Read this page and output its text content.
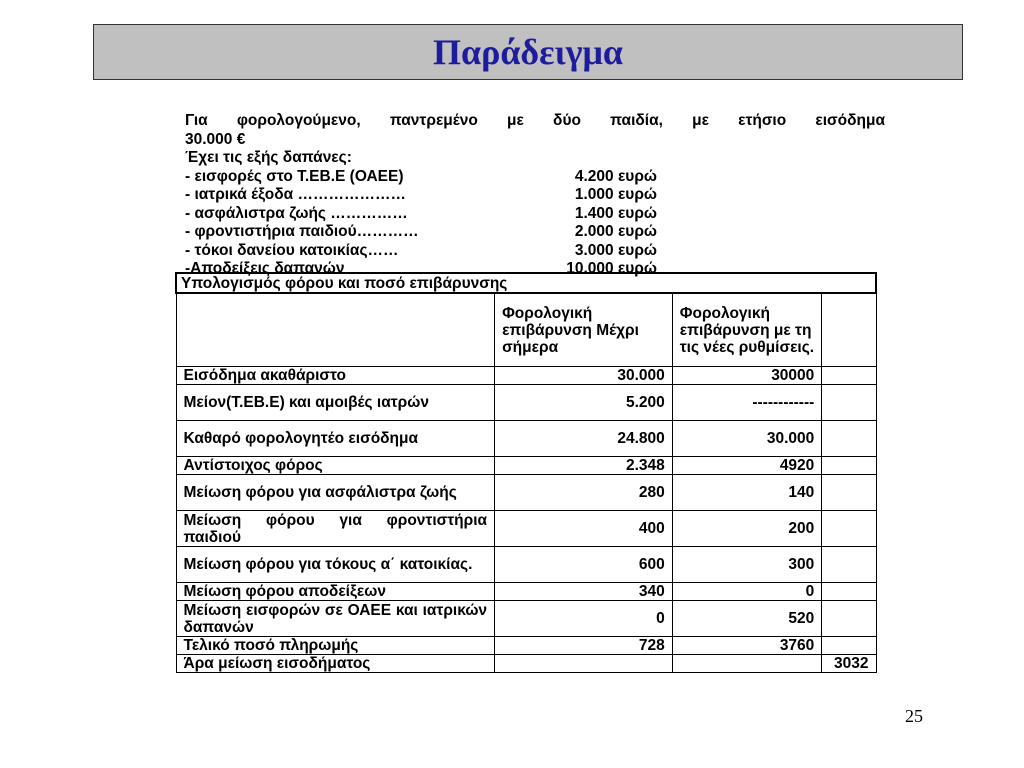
Παράδειγμα
Για φορολογούμενο, παντρεμένο με δύο παιδία, με ετήσιο εισόδημα
30.000 €
Έχει τις εξής δαπάνες:
- εισφορές στο Τ.ΕΒ.Ε (ΟΑΕΕ)	4.200 ευρώ
- ιατρικά έξοδα …………………	1.000 ευρώ
- ασφάλιστρα ζωής ……………	1.400 ευρώ
- φροντιστήρια παιδιού…………	2.000 ευρώ
- τόκοι δανείου κατοικίας……	3.000 ευρώ
-Αποδείξεις δαπανών	10.000 ευρώ
Υπολογισμός φόρου και ποσό επιβάρυνσης			
	Φορολογική επιβάρυνση Μέχρι σήμερα	Φορολογική επιβάρυνση με τη τις νέες ρυθμίσεις.	
Εισόδημα ακαθάριστο	30.000	30000	
Μείον(Τ.ΕΒ.Ε) και αμοιβές ιατρών	5.200	------------	
Καθαρό φορολογητέο εισόδημα	24.800	30.000	
Αντίστοιχος φόρος	2.348	4920	
Μείωση φόρου για ασφάλιστρα ζωής	280	140	
Μείωση φόρου για φροντιστήρια παιδιού	400	200	
Μείωση φόρου για τόκους α΄ κατοικίας.	600	300	
Μείωση φόρου αποδείξεων	340	0	
Μείωση εισφορών σε ΟΑΕΕ και ιατρικών δαπανών	0	520	
Τελικό ποσό πληρωμής	728	3760	
Άρα μείωση εισοδήματος			3032
25
